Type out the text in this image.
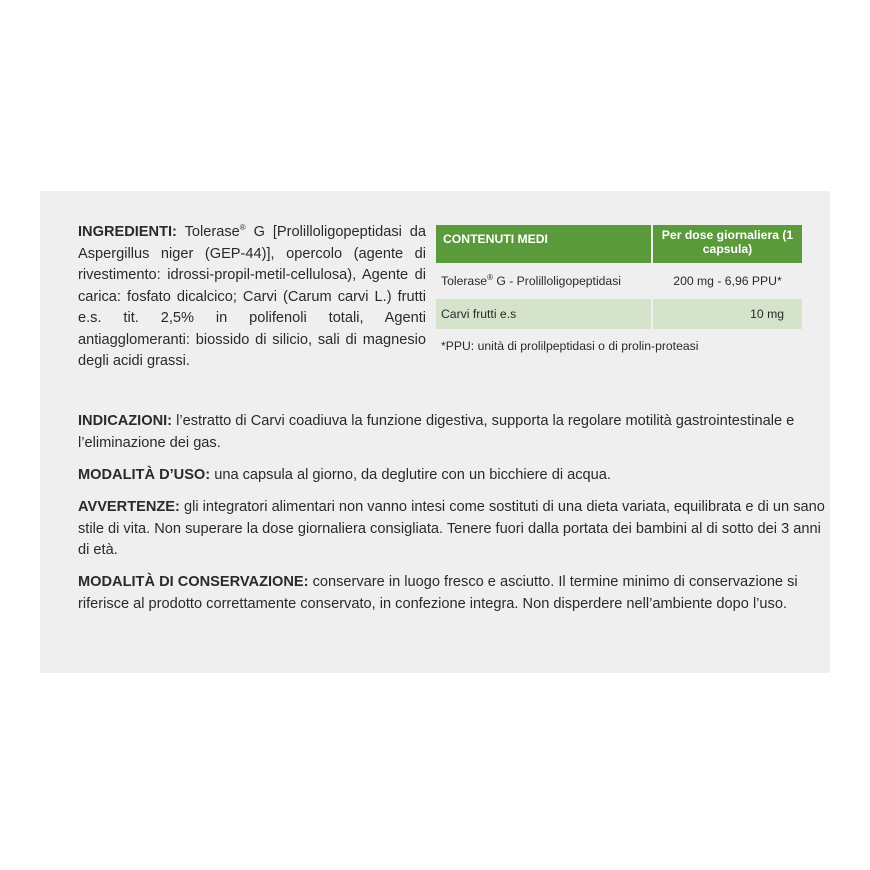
INGREDIENTI: Tolerase® G [Prolilloligopeptidasi da Aspergillus niger (GEP-44)], opercolo (agente di rivestimento: idrossi-propil-metil-cellulosa), Agente di carica: fosfato dicalcico; Carvi (Carum carvi L.) frutti e.s. tit. 2,5% in polifenoli totali, Agenti antiagglomeranti: biossido di silicio, sali di magnesio degli acidi grassi.
CONTENUTI MEDI	Per dose giornaliera (1 capsula)
Tolerase® G - Prolilloligopeptidasi	200 mg - 6,96 PPU*
Carvi frutti e.s	10 mg
*PPU: unità di prolilpeptidasi o di prolin-proteasi
INDICAZIONI: l’estratto di Carvi coadiuva la funzione digestiva, supporta la regolare motilità gastrointestinale e l’eliminazione dei gas.
MODALITÀ D’USO: una capsula al giorno, da deglutire con un bicchiere di acqua.
AVVERTENZE: gli integratori alimentari non vanno intesi come sostituti di una dieta variata, equilibrata e di un sano stile di vita. Non superare la dose giornaliera consigliata. Tenere fuori dalla portata dei bambini al di sotto dei 3 anni di età.
MODALITÀ DI CONSERVAZIONE: conservare in luogo fresco e asciutto. Il termine minimo di conservazione si riferisce al prodotto correttamente conservato, in confezione integra. Non disperdere nell’ambiente dopo l’uso.
